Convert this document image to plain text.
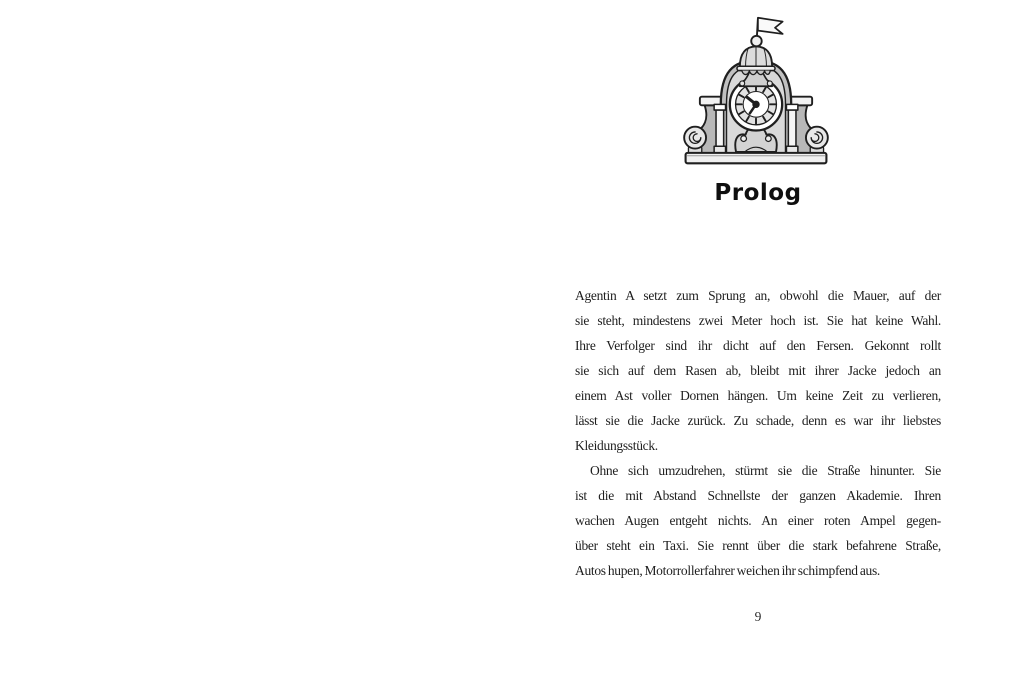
Prolog
Agentin A setzt zum Sprung an, obwohl die Mauer, auf der
sie steht, mindestens zwei Meter hoch ist. Sie hat keine Wahl.
Ihre Verfolger sind ihr dicht auf den Fersen. Gekonnt rollt
sie sich auf dem Rasen ab, bleibt mit ihrer Jacke jedoch an
einem Ast voller Dornen hängen. Um keine Zeit zu verlieren,
lässt sie die Jacke zurück. Zu schade, denn es war ihr liebstes
Kleidungsstück.
Ohne sich umzudrehen, stürmt sie die Straße hinunter. Sie
ist die mit Abstand Schnellste der ganzen Akademie. Ihren
wachen Augen entgeht nichts. An einer roten Ampel gegen-
über steht ein Taxi. Sie rennt über die stark befahrene Straße,
Autos hupen, Motorrollerfahrer weichen ihr schimpfend aus.
9
